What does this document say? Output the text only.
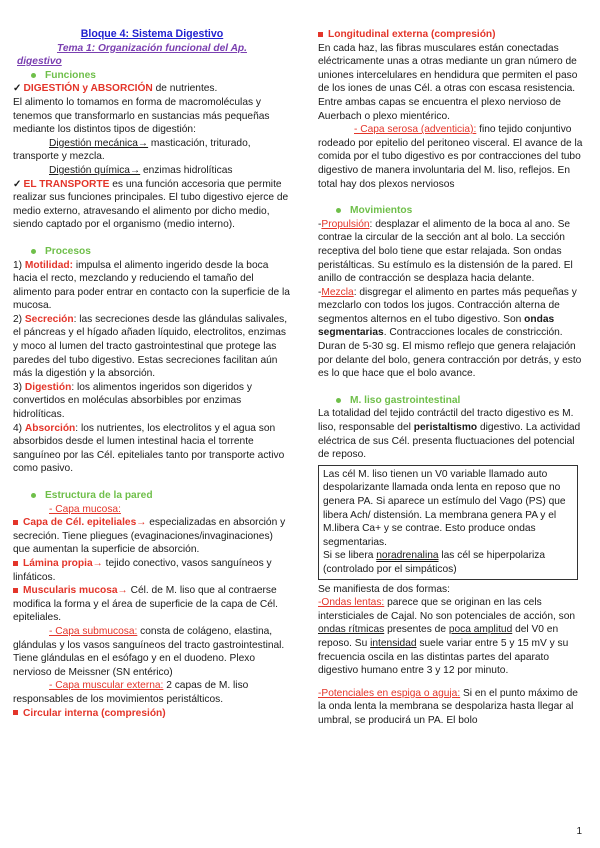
Bloque 4: Sistema Digestivo

Tema 1: Organización funcional del Ap.

digestivo

Funciones

✓ DIGESTIÓN y ABSORCIÓN de nutrientes.

El alimento lo tomamos en forma de macromoléculas y tenemos que transformarlo en sustancias más pequeñas mediante los distintos tipos de digestión:

Digestión mecánica→ masticación, triturado, transporte y mezcla.

Digestión química→ enzimas hidrolíticas

✓ EL TRANSPORTE es una función accesoria que permite realizar sus funciones principales. El tubo digestivo ejerce de medio externo, atravesando el alimento por dicho medio, siendo captado por el organismo (medio interno).

Procesos

1) Motilidad: impulsa el alimento ingerido desde la boca hacia el recto, mezclando y reduciendo el tamaño del alimento para poder entrar en contacto con la superficie de la mucosa.

2) Secreción: las secreciones desde las glándulas salivales, el páncreas y el hígado añaden líquido, electrolitos, enzimas y moco al lumen del tracto gastrointestinal que protege las paredes del tubo digestivo. Estas secreciones facilitan aún más la digestión y la absorción.

3) Digestión: los alimentos ingeridos son digeridos y convertidos en moléculas absorbibles por enzimas hidrolíticas.

4) Absorción: los nutrientes, los electrolitos y el agua son absorbidos desde el lumen intestinal hacia el torrente sanguíneo por las Cél. epiteliales tanto por transporte activo como pasivo.

Estructura de la pared

- Capa mucosa:

Capa de Cél. epiteliales→ especializadas en absorción y secreción. Tiene pliegues (evaginaciones/invaginaciones) que aumentan la superficie de absorción.

Lámina propia→ tejido conectivo, vasos sanguíneos y linfáticos.

Muscularis mucosa→ Cél. de M. liso que al contraerse modifica la forma y el área de superficie de la capa de Cél. epiteliales.

- Capa submucosa: consta de colágeno, elastina, glándulas y los vasos sanguíneos del tracto gastrointestinal. Tiene glándulas en el esófago y en el duodeno. Plexo nervioso de Meissner (SN entérico)

- Capa muscular externa: 2 capas de M. liso responsables de los movimientos peristálticos.

Circular interna (compresión)

Longitudinal externa (compresión)

En cada haz, las fibras musculares están conectadas eléctricamente unas a otras mediante un gran número de uniones intercelulares en hendidura que permiten el paso de los iones de unas Cél. a otras con escasa resistencia. Entre ambas capas se encuentra el plexo nervioso de Auerbach o plexo mientérico.

- Capa serosa (adventicia): fino tejido conjuntivo rodeado por epitelio del peritoneo visceral. El avance de la comida por el tubo digestivo es por contracciones del tubo digestivo de manera involuntaria del M. liso, reflejos. En total hay dos plexos nerviosos

Movimientos

-Propulsión: desplazar el alimento de la boca al ano. Se contrae la circular de la sección ant al bolo. La sección receptiva del bolo tiene que estar relajada. Son ondas peristálticas. Su estímulo es la distensión de la pared. El anillo de contracción se desplaza hacia delante.

-Mezcla: disgregar el alimento en partes más pequeñas y mezclarlo con todos los jugos. Contracción alterna de segmentos alternos en el tubo digestivo. Son ondas segmentarias. Contracciones locales de constricción. Duran de 5-30 sg. El mismo reflejo que genera relajación por delante del bolo, genera contracción por detrás, y esto es lo que hace que el bolo avance.

M. liso gastrointestinal

La totalidad del tejido contráctil del tracto digestivo es M. liso, responsable del peristaltismo digestivo. La actividad eléctrica de sus Cél. presenta fluctuaciones del potencial de reposo.

Las cél M. liso tienen un V0 variable llamado auto despolarizante llamada onda lenta en reposo que no genera PA. Si aparece un estímulo del Vago (PS) que libera Ach/ distensión. La membrana genera PA y el M.libera Ca+ y se contrae. Esto produce ondas segmentarias.

Si se libera noradrenalina las cél se hiperpolariza (controlado por el simpáticos)

Se manifiesta de dos formas:

-Ondas lentas: parece que se originan en las cels intersticiales de Cajal. No son potenciales de acción, son ondas rítmicas presentes de poca amplitud del V0 en reposo. Su intensidad suele variar entre 5 y 15 mV y su frecuencia oscila en las distintas partes del aparato digestivo humano entre 3 y 12 por minuto.

-Potenciales en espiga o aguja: Si en el punto máximo de la onda lenta la membrana se despolariza hasta llegar al umbral, se producirá un PA. El bolo

1
